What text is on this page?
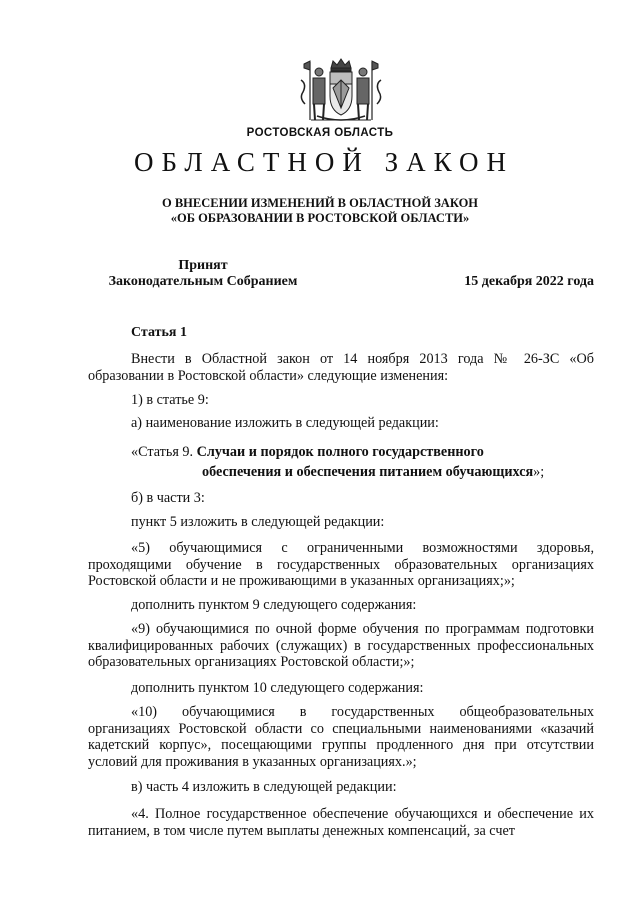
РОСТОВСКАЯ ОБЛАСТЬ
ОБЛАСТНОЙ ЗАКОН
О ВНЕСЕНИИ ИЗМЕНЕНИЙ В ОБЛАСТНОЙ ЗАКОН
«ОБ ОБРАЗОВАНИИ В РОСТОВСКОЙ ОБЛАСТИ»
Принят
Законодательным Собранием	15 декабря 2022 года
Статья 1

Внести в Областной закон от 14 ноября 2013 года № 26-ЗС «Об образовании в Ростовской области» следующие изменения:

1) в статье 9:
а) наименование изложить в следующей редакции:
«Статья 9. Случаи и порядок полного государственного
обеспечения и обеспечения питанием обучающихся»;
б) в части 3:
пункт 5 изложить в следующей редакции:

«5) обучающимися с ограниченными возможностями здоровья, проходящими обучение в государственных образовательных организациях Ростовской области и не проживающими в указанных организациях;»;

дополнить пунктом 9 следующего содержания:

«9) обучающимися по очной форме обучения по программам подготовки квалифицированных рабочих (служащих) в государственных профессиональных образовательных организациях Ростовской области;»;

дополнить пунктом 10 следующего содержания:

«10) обучающимися в государственных общеобразовательных организациях Ростовской области со специальными наименованиями «казачий кадетский корпус», посещающими группы продленного дня при отсутствии условий для проживания в указанных организациях.»;

в) часть 4 изложить в следующей редакции:

«4. Полное государственное обеспечение обучающихся и обеспечение их питанием, в том числе путем выплаты денежных компенсаций, за счет
